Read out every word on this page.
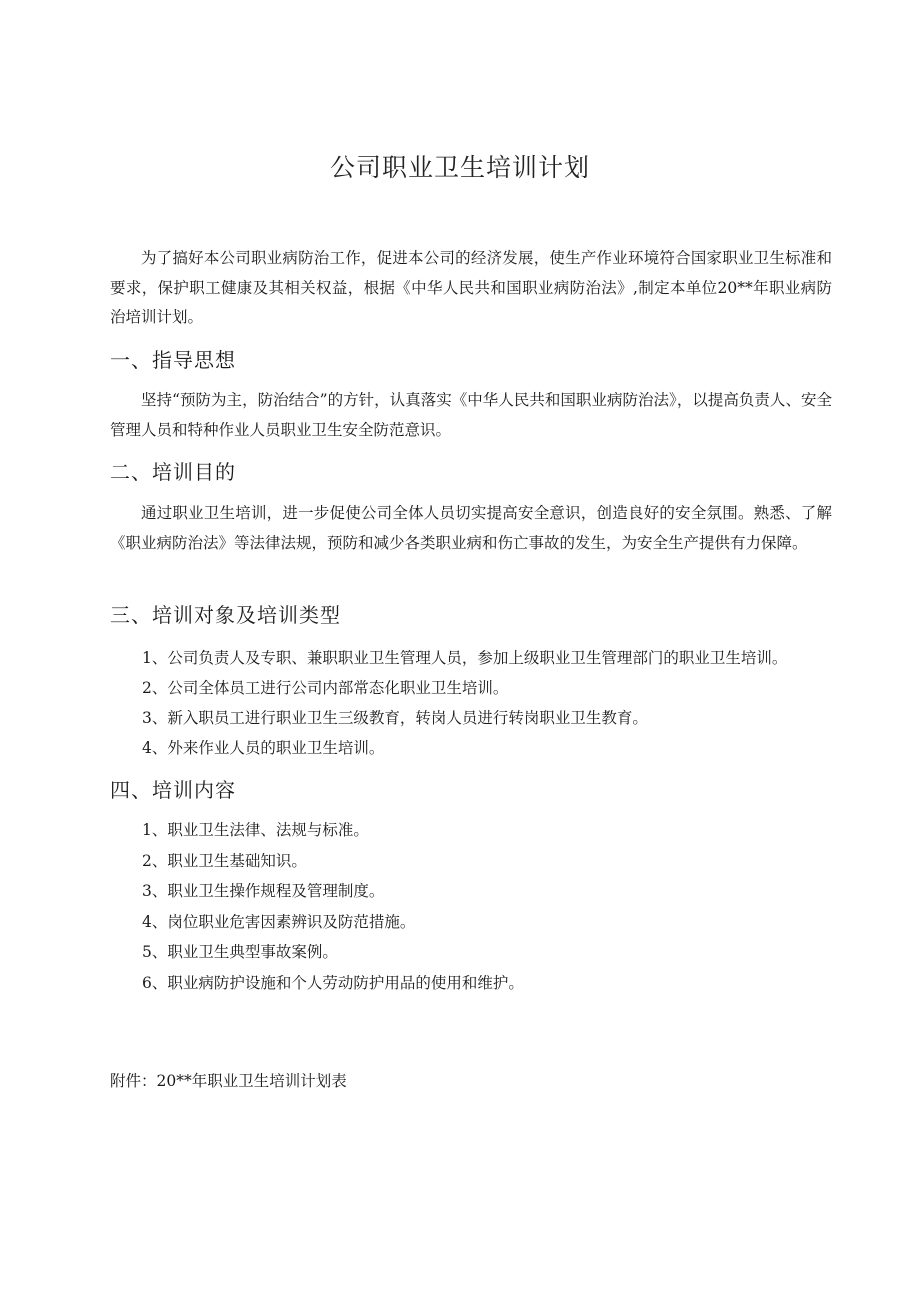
公司职业卫生培训计划
为了搞好本公司职业病防治工作，促进本公司的经济发展，使生产作业环境符合国家职业卫生标准和要求，保护职工健康及其相关权益，根据《中华人民共和国职业病防治法》,制定本单位20**年职业病防治培训计划。
一、指导思想
坚持“预防为主，防治结合”的方针，认真落实《中华人民共和国职业病防治法》，以提高负责人、安全管理人员和特种作业人员职业卫生安全防范意识。
二、培训目的
通过职业卫生培训，进一步促使公司全体人员切实提高安全意识，创造良好的安全氛围。熟悉、了解《职业病防治法》等法律法规，预防和减少各类职业病和伤亡事故的发生，为安全生产提供有力保障。
三、培训对象及培训类型
1、公司负责人及专职、兼职职业卫生管理人员，参加上级职业卫生管理部门的职业卫生培训。
2、公司全体员工进行公司内部常态化职业卫生培训。
3、新入职员工进行职业卫生三级教育，转岗人员进行转岗职业卫生教育。
4、外来作业人员的职业卫生培训。
四、培训内容
1、职业卫生法律、法规与标准。
2、职业卫生基础知识。
3、职业卫生操作规程及管理制度。
4、岗位职业危害因素辨识及防范措施。
5、职业卫生典型事故案例。
6、职业病防护设施和个人劳动防护用品的使用和维护。
附件：20**年职业卫生培训计划表
